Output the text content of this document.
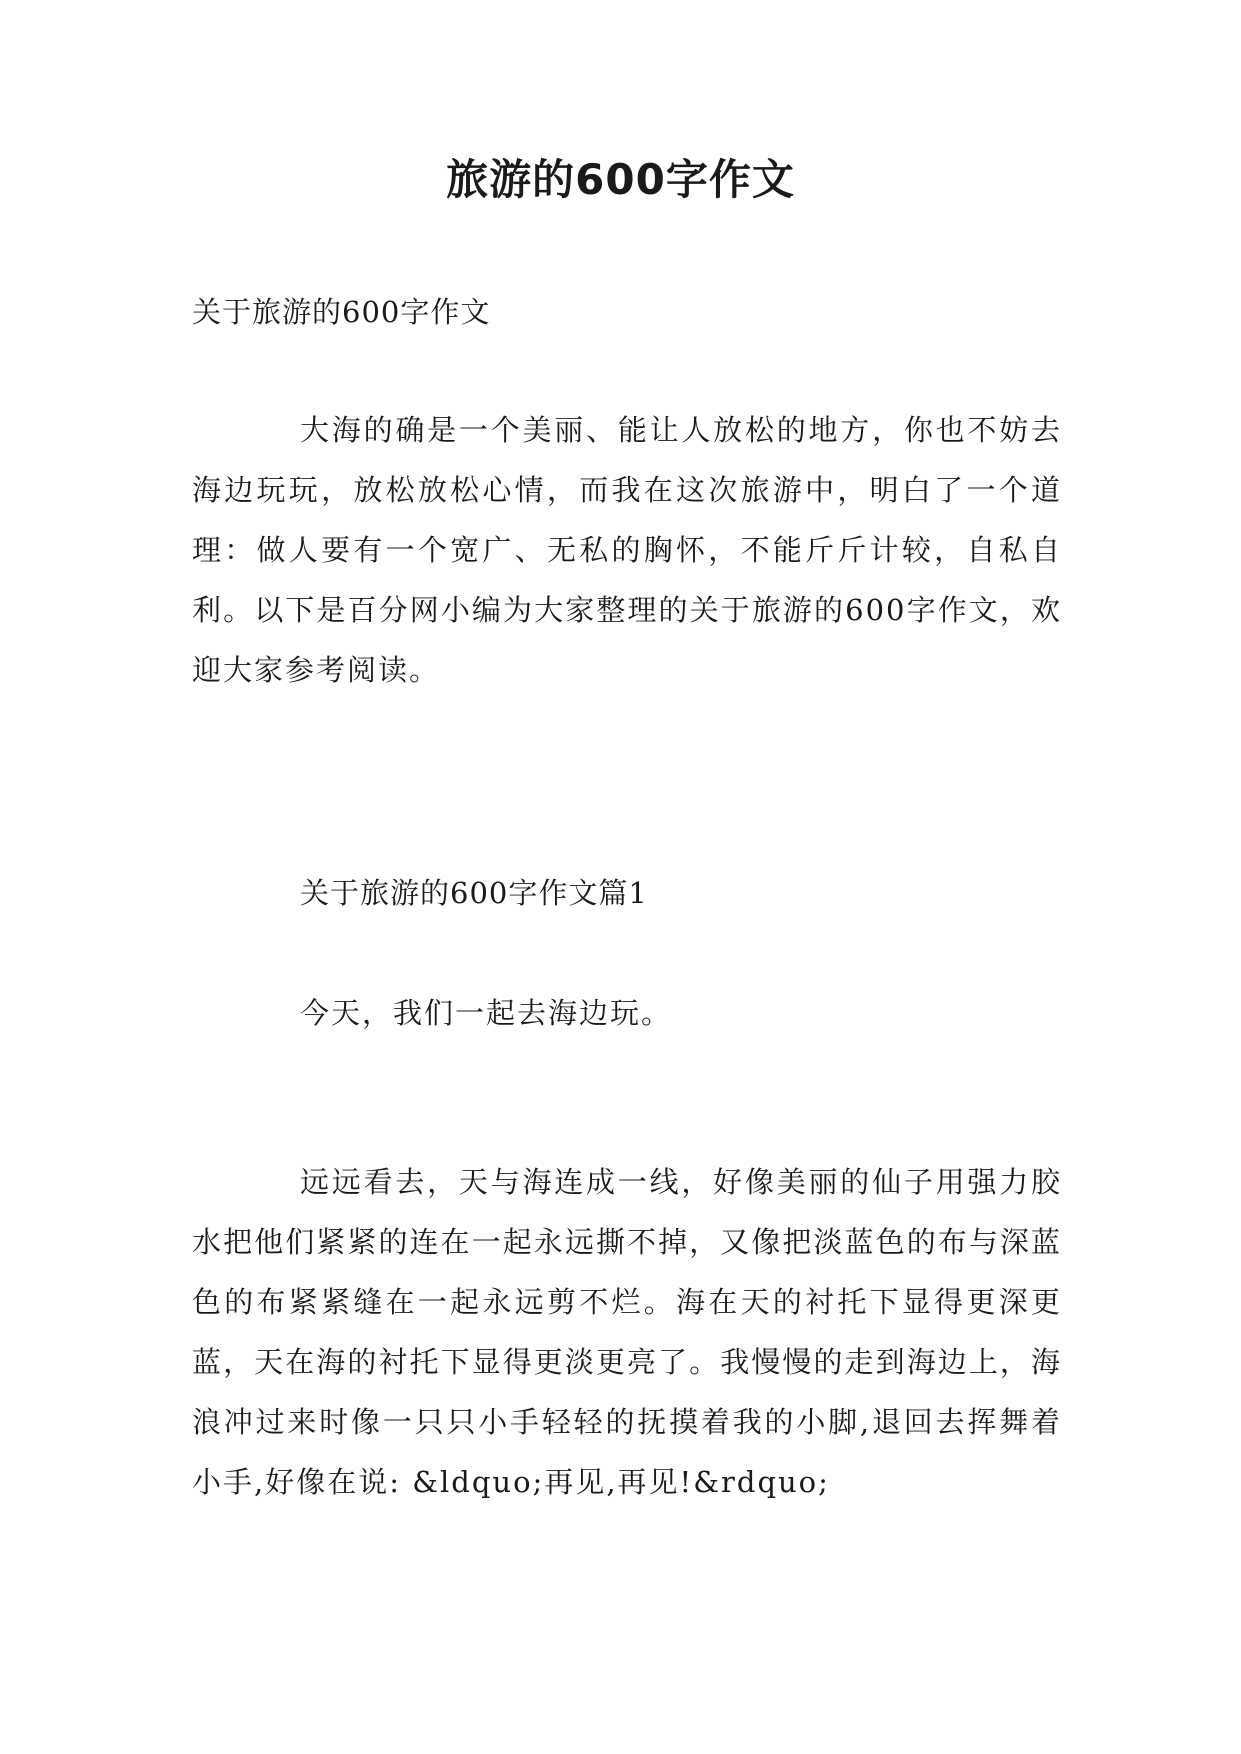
旅游的600字作文
关于旅游的600字作文

大海的确是一个美丽、能让人放松的地方，你也不妨去海边玩玩，放松放松心情，而我在这次旅游中，明白了一个道理：做人要有一个宽广、无私的胸怀，不能斤斤计较，自私自利。以下是百分网小编为大家整理的关于旅游的600字作文，欢迎大家参考阅读。

关于旅游的600字作文篇1
今天，我们一起去海边玩。

远远看去，天与海连成一线，好像美丽的仙子用强力胶水把他们紧紧的连在一起永远撕不掉，又像把淡蓝色的布与深蓝色的布紧紧缝在一起永远剪不烂。海在天的衬托下显得更深更蓝，天在海的衬托下显得更淡更亮了。我慢慢的走到海边上，海浪冲过来时像一只只小手轻轻的抚摸着我的小脚,退回去挥舞着小手,好像在说: &ldquo;再见,再见!&rdquo;
